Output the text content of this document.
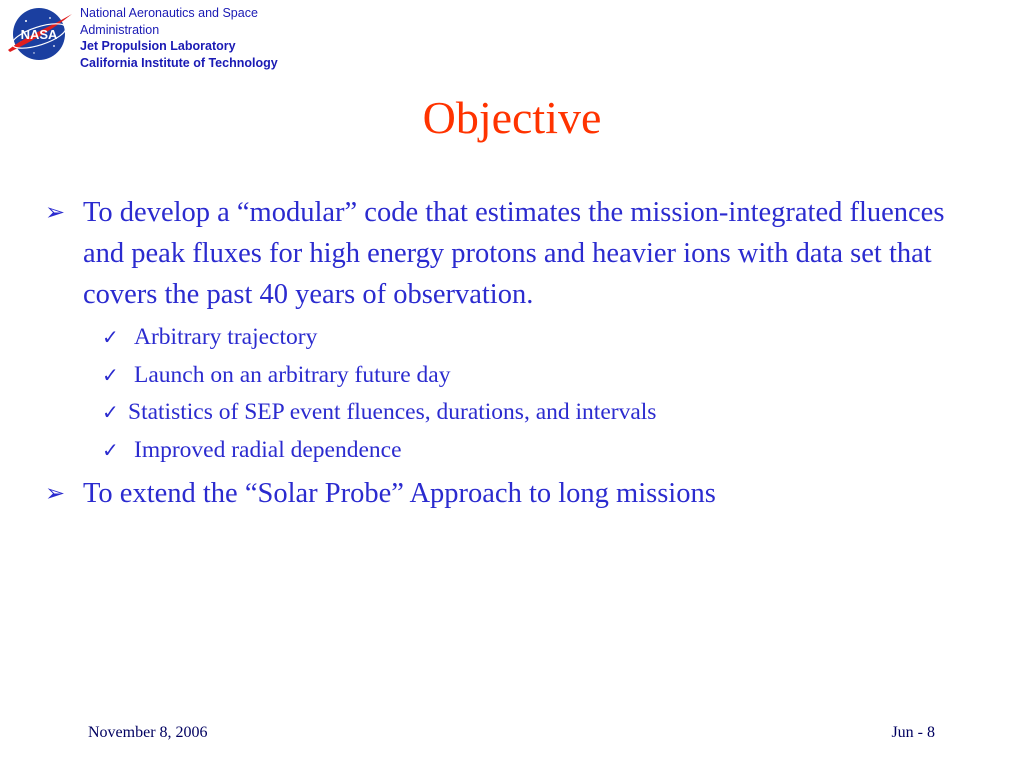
NASA
National Aeronautics and Space
Administration
Jet Propulsion Laboratory
California Institute of Technology
Objective
➢ To develop a “modular” code that estimates the mission-integrated fluences and peak fluxes for high energy protons and heavier ions with data set that covers the past 40 years of observation.
✓ Arbitrary trajectory
✓ Launch on an arbitrary future day
✓ Statistics of SEP event fluences, durations, and intervals
✓ Improved radial dependence
➢ To extend the “Solar Probe” Approach to long missions
November 8, 2006	Jun - 8
